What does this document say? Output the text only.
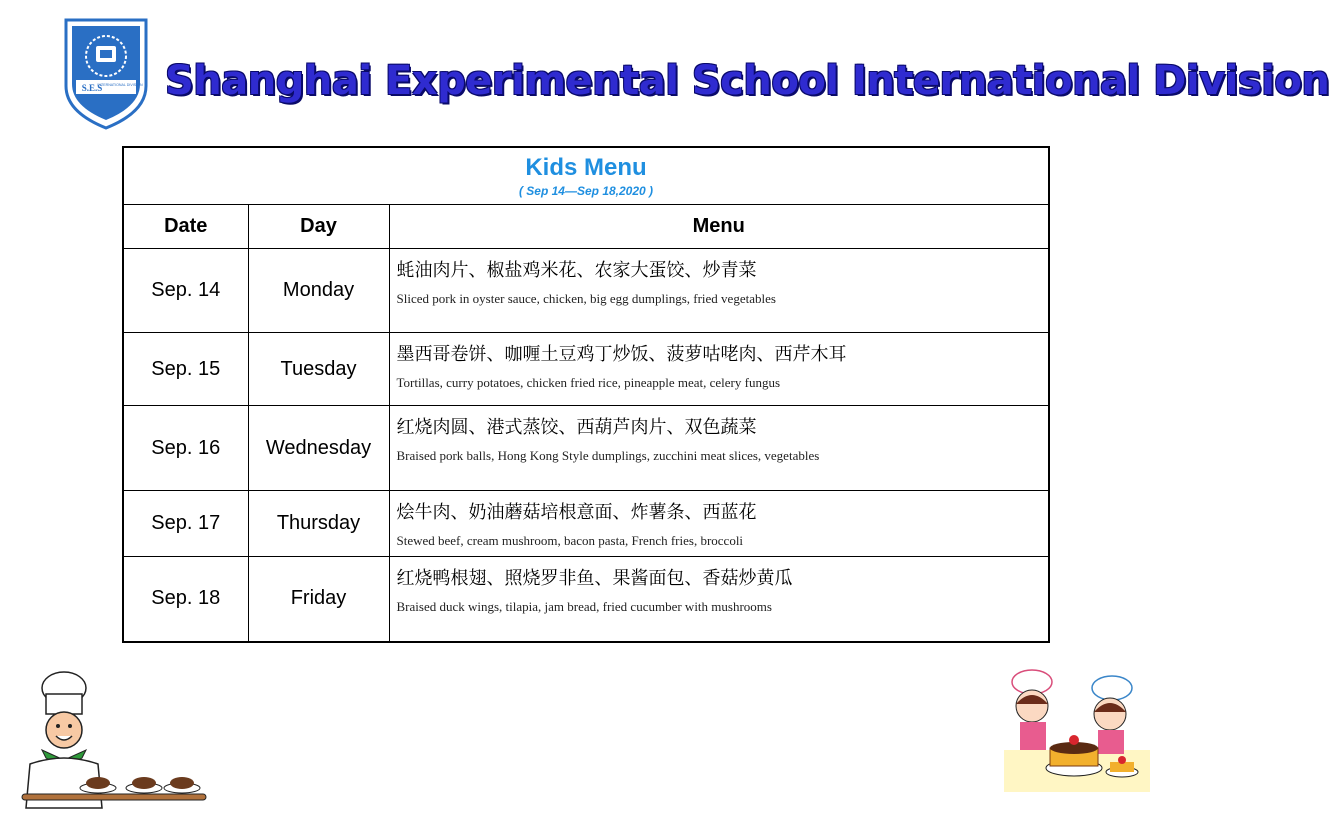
S.E.S
INTERNATIONAL DIVISION Shanghai Experimental School International Division
Kids Menu
( Sep 14—Sep 18,2020 )		

Date	Day	Menu
Sep. 14	Monday	蚝油肉片、椒盐鸡米花、农家大蛋饺、炒青菜
Sliced pork in oyster sauce, chicken, big egg dumplings, fried vegetables

Sep. 15	Tuesday	墨西哥卷饼、咖喱土豆鸡丁炒饭、菠萝咕咾肉、西芹木耳
Tortillas, curry potatoes, chicken fried rice, pineapple meat, celery fungus

Sep. 16	Wednesday	红烧肉圆、港式蒸饺、西葫芦肉片、双色蔬菜
Braised pork balls, Hong Kong Style dumplings, zucchini meat slices, vegetables

Sep. 17	Thursday	烩牛肉、奶油蘑菇培根意面、炸薯条、西蓝花
Stewed beef, cream mushroom, bacon pasta, French fries, broccoli

Sep. 18	Friday	红烧鸭根翅、照烧罗非鱼、果酱面包、香菇炒黄瓜
Braised duck wings, tilapia, jam bread, fried cucumber with mushrooms
